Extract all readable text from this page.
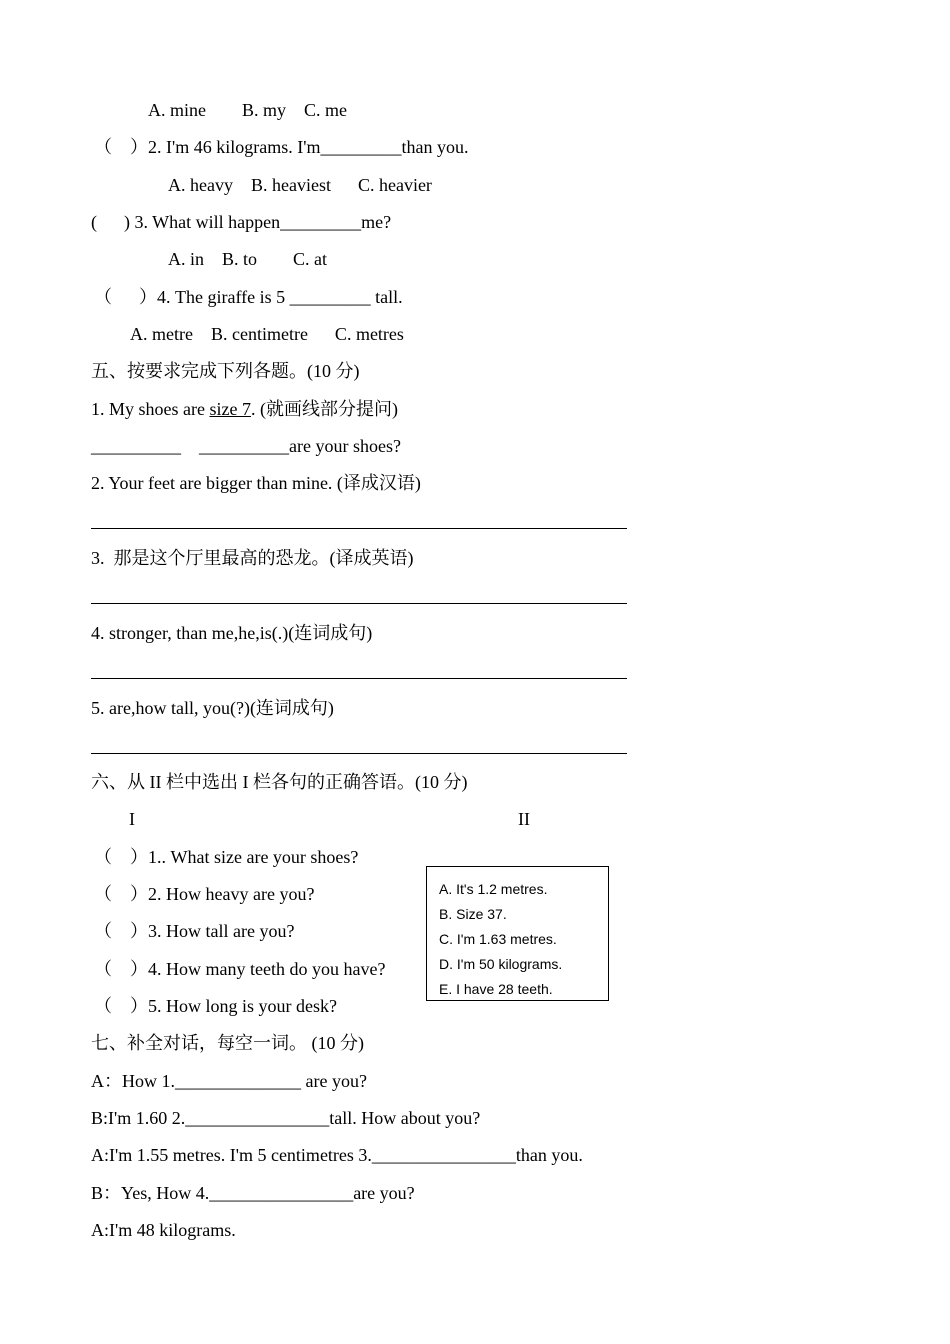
A. mine        B. my    C. me
（    ）2. I'm 46 kilograms. I'm_________than you.
A. heavy    B. heaviest      C. heavier
(      ) 3. What will happen_________me?
A. in    B. to        C. at
（      ）4. The giraffe is 5 _________ tall.
A. metre    B. centimetre      C. metres
五、按要求完成下列各题。(10 分)
1. My shoes are size 7. (就画线部分提问)
__________    __________are your shoes?
2. Your feet are bigger than mine. (译成汉语)
3.  那是这个厅里最高的恐龙。(译成英语)
4. stronger, than me,he,is(.)(连词成句)
5. are,how tall, you(?)(连词成句)
六、从 II 栏中选出 I 栏各句的正确答语。(10 分)
I	II
（    ）1.. What size are your shoes?
（    ）2. How heavy are you?
（    ）3. How tall are you?
（    ）4. How many teeth do you have?
（    ）5. How long is your desk?
A. It's 1.2 metres.
B. Size 37.
C. I'm 1.63 metres.
D. I'm 50 kilograms.
E. I have 28 teeth.
七、补全对话，每空一词。 (10 分)
A：How 1.______________ are you?
B:I'm 1.60 2.________________tall. How about you?
A:I'm 1.55 metres. I'm 5 centimetres 3.________________than you.
B：Yes, How 4.________________are you?
A:I'm 48 kilograms.
